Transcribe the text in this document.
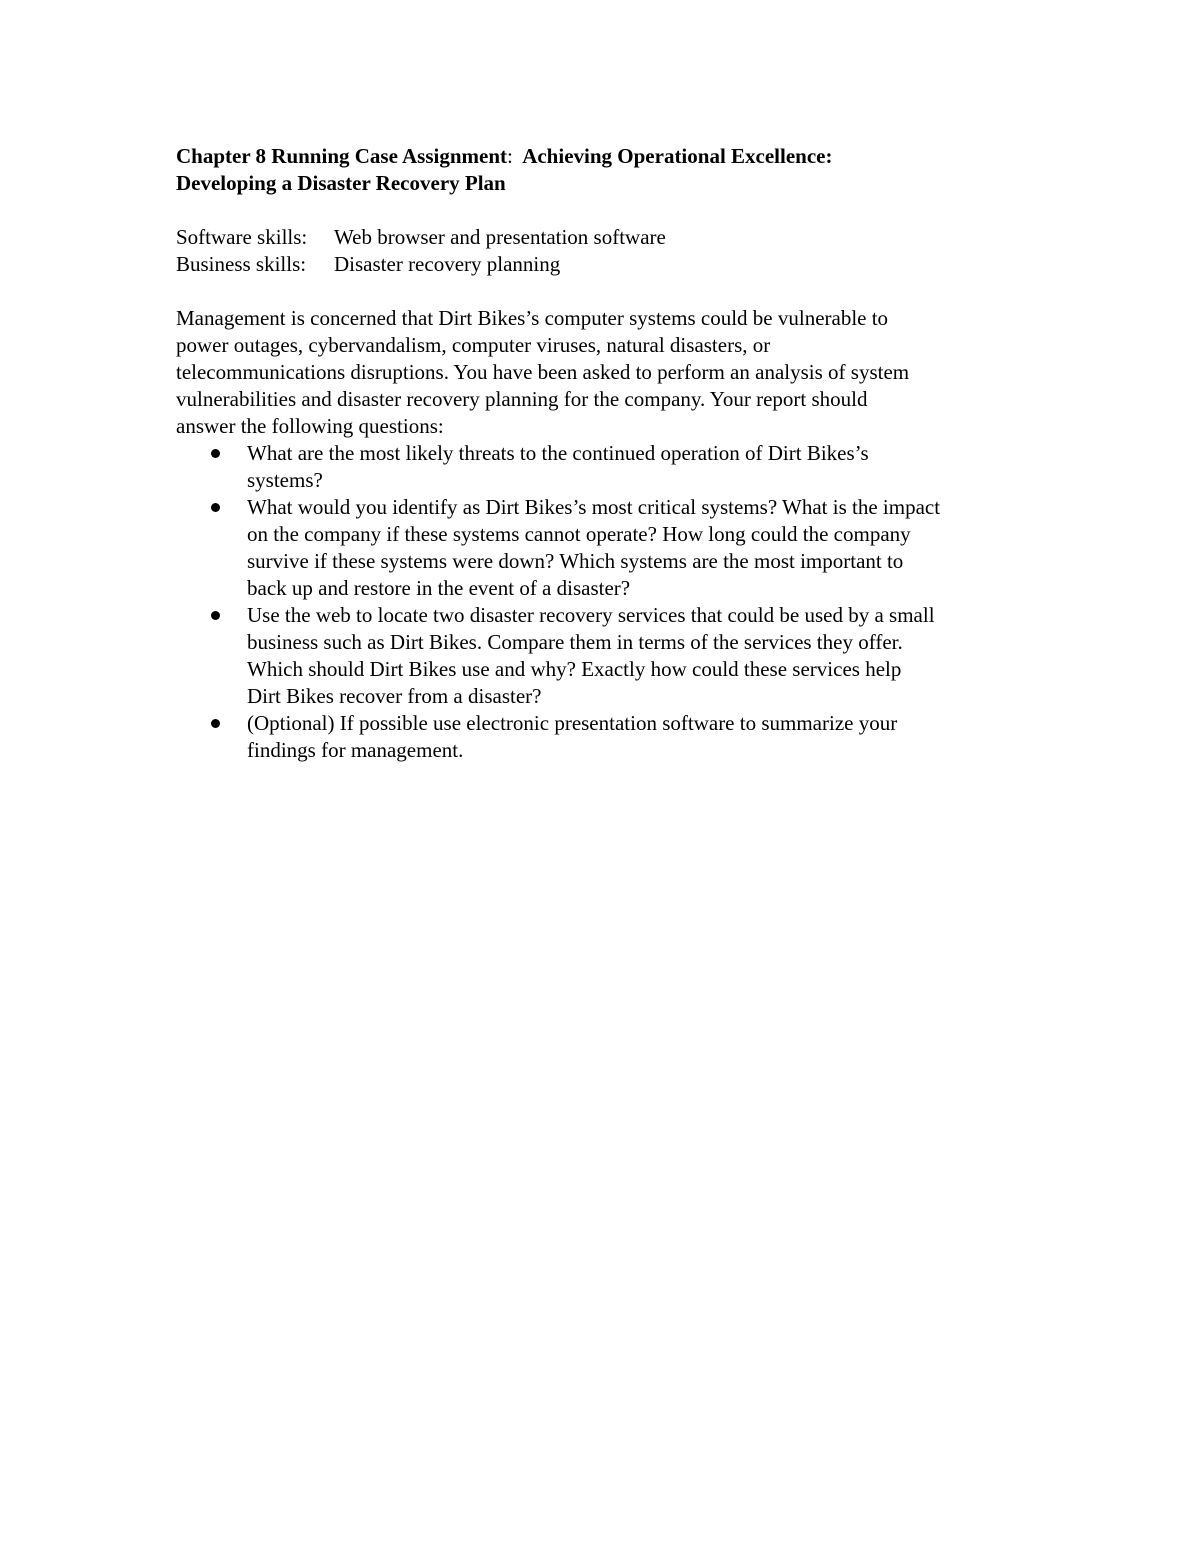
Chapter 8 Running Case Assignment:  Achieving Operational Excellence:
Developing a Disaster Recovery Plan
Software skills: Web browser and presentation software
Business skills: Disaster recovery planning
Management is concerned that Dirt Bikes’s computer systems could be vulnerable to
power outages, cybervandalism, computer viruses, natural disasters, or
telecommunications disruptions. You have been asked to perform an analysis of system
vulnerabilities and disaster recovery planning for the company. Your report should
answer the following questions:
What are the most likely threats to the continued operation of Dirt Bikes’s
systems?
What would you identify as Dirt Bikes’s most critical systems? What is the impact
on the company if these systems cannot operate? How long could the company
survive if these systems were down? Which systems are the most important to
back up and restore in the event of a disaster?
Use the web to locate two disaster recovery services that could be used by a small
business such as Dirt Bikes. Compare them in terms of the services they offer.
Which should Dirt Bikes use and why? Exactly how could these services help
Dirt Bikes recover from a disaster?
(Optional) If possible use electronic presentation software to summarize your
findings for management.
